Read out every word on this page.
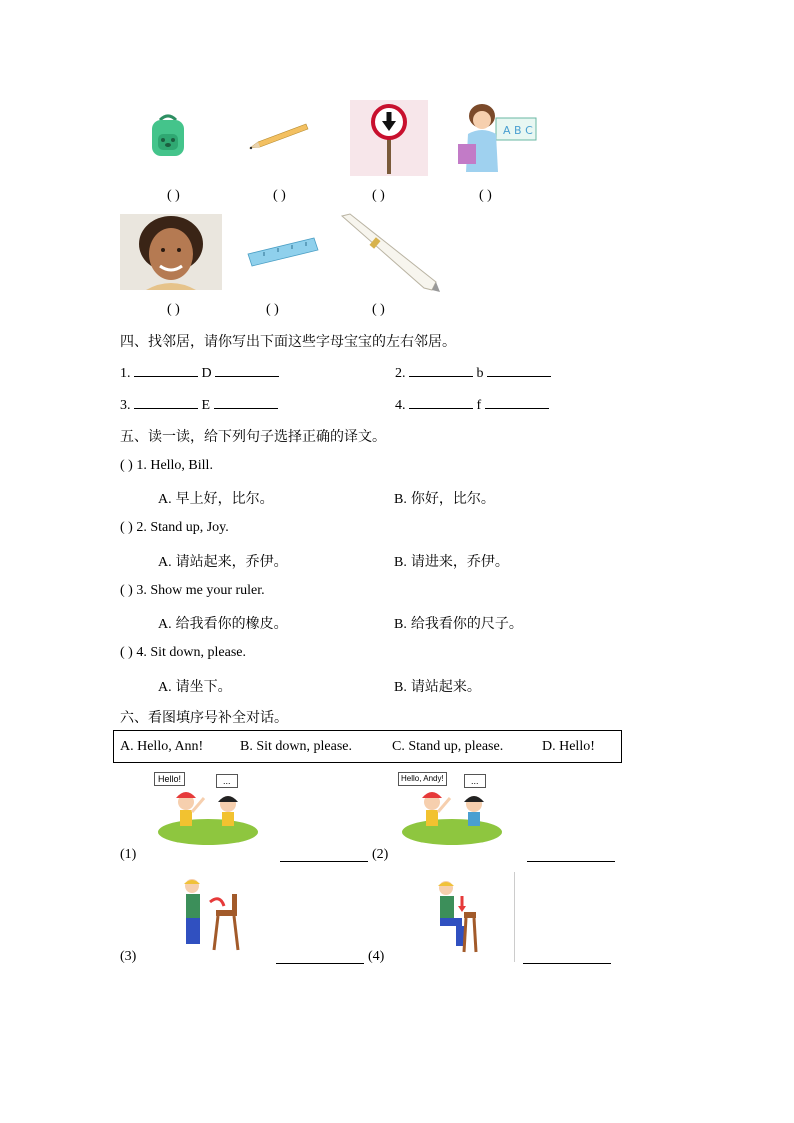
A B C
( )	( )	( )	( )
( )	( )	( )
四、找邻居，请你写出下面这些字母宝宝的左右邻居。
1.	D	2.	b
3.	E	4.	f
五、读一读，给下列句子选择正确的译文。
( ) 1. Hello, Bill.
A. 早上好，比尔。	B. 你好，比尔。
( ) 2. Stand up, Joy.
A. 请站起来，乔伊。	B. 请进来，乔伊。
( ) 3. Show me your ruler.
A. 给我看你的橡皮。	B. 给我看你的尺子。
( ) 4. Sit down, please.
A. 请坐下。	B. 请站起来。
六、看图填序号补全对话。
A. Hello, Ann!	B. Sit down, please.	C. Stand up, please.	D. Hello!
Hello!	...
(1)	(2)
Hello, Andy!	...
(3)	(4)
